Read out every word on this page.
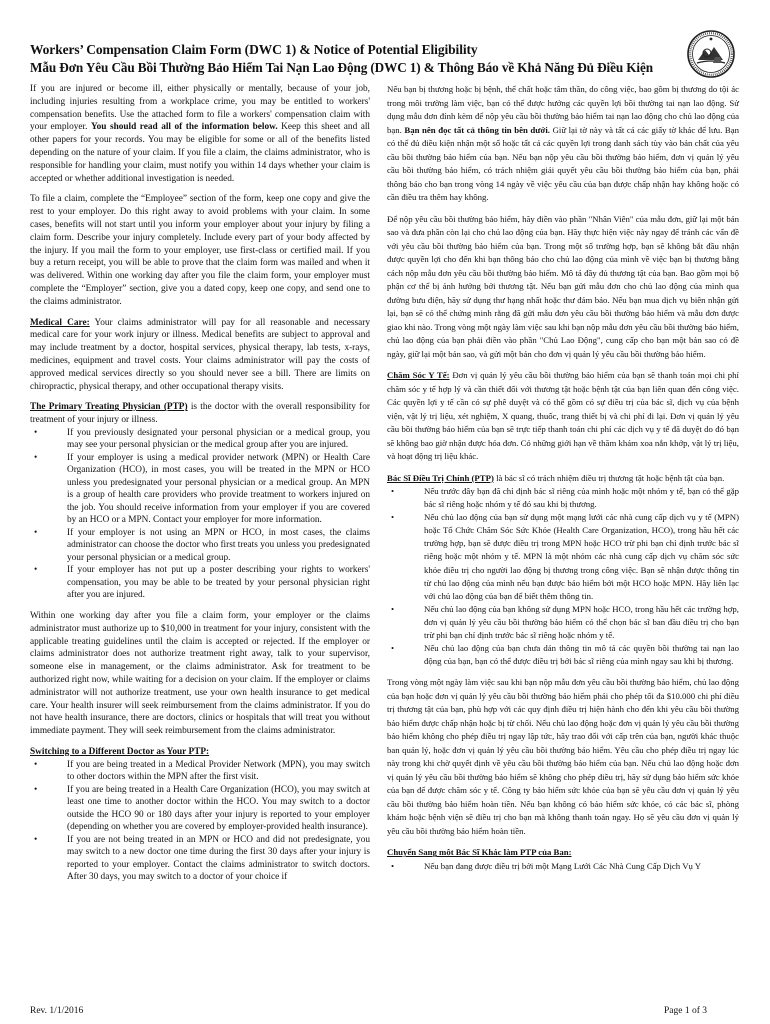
Workers’ Compensation Claim Form (DWC 1) & Notice of Potential Eligibility
Mẫu Đơn Yêu Cầu Bồi Thường Bảo Hiểm Tai Nạn Lao Động (DWC 1) & Thông Báo về Khả Năng Đủ Điều Kiện

If you are injured or become ill, either physically or mentally, because of your job, including injuries resulting from a workplace crime, you may be entitled to workers' compensation benefits. Use the attached form to file a workers' compensation claim with your employer. You should read all of the information below. Keep this sheet and all other papers for your records. You may be eligible for some or all of the benefits listed depending on the nature of your claim. If you file a claim, the claims administrator, who is responsible for handling your claim, must notify you within 14 days whether your claim is accepted or whether additional investigation is needed.

To file a claim, complete the “Employee” section of the form, keep one copy and give the rest to your employer. Do this right away to avoid problems with your claim. In some cases, benefits will not start until you inform your employer about your injury by filing a claim form. Describe your injury completely. Include every part of your body affected by the injury. If you mail the form to your employer, use first-class or certified mail. If you buy a return receipt, you will be able to prove that the claim form was mailed and when it was delivered. Within one working day after you file the claim form, your employer must complete the “Employer” section, give you a dated copy, keep one copy, and send one to the claims administrator.

Medical Care: Your claims administrator will pay for all reasonable and necessary medical care for your work injury or illness. Medical benefits are subject to approval and may include treatment by a doctor, hospital services, physical therapy, lab tests, x-rays, medicines, equipment and travel costs. Your claims administrator will pay the costs of approved medical services directly so you should never see a bill. There are limits on chiropractic, physical therapy, and other occupational therapy visits.

The Primary Treating Physician (PTP) is the doctor with the overall responsibility for treatment of your injury or illness.

• If you previously designated your personal physician or a medical group, you may see your personal physician or the medical group after you are injured.
• If your employer is using a medical provider network (MPN) or Health Care Organization (HCO), in most cases, you will be treated in the MPN or HCO unless you predesignated your personal physician or a medical group. An MPN is a group of health care providers who provide treatment to workers injured on the job. You should receive information from your employer if you are covered by an HCO or a MPN. Contact your employer for more information.
• If your employer is not using an MPN or HCO, in most cases, the claims administrator can choose the doctor who first treats you unless you predesignated your personal physician or a medical group.
• If your employer has not put up a poster describing your rights to workers' compensation, you may be able to be treated by your personal physician right after you are injured.

Within one working day after you file a claim form, your employer or the claims administrator must authorize up to $10,000 in treatment for your injury, consistent with the applicable treating guidelines until the claim is accepted or rejected. If the employer or claims administrator does not authorize treatment right away, talk to your supervisor, someone else in management, or the claims administrator. Ask for treatment to be authorized right now, while waiting for a decision on your claim. If the employer or claims administrator will not authorize treatment, use your own health insurance to get medical care. Your health insurer will seek reimbursement from the claims administrator. If you do not have health insurance, there are doctors, clinics or hospitals that will treat you without immediate payment. They will seek reimbursement from the claims administrator.

Switching to a Different Doctor as Your PTP:

• If you are being treated in a Medical Provider Network (MPN), you may switch to other doctors within the MPN after the first visit.
• If you are being treated in a Health Care Organization (HCO), you may switch at least one time to another doctor within the HCO. You may switch to a doctor outside the HCO 90 or 180 days after your injury is reported to your employer (depending on whether you are covered by employer-provided health insurance).
• If you are not being treated in an MPN or HCO and did not predesignate, you may switch to a new doctor one time during the first 30 days after your injury is reported to your employer. Contact the claims administrator to switch doctors. After 30 days, you may switch to a doctor of your choice if

Nếu bạn bị thương hoặc bị bệnh, thể chất hoặc tâm thần, do công việc, bao gồm bị thương do tội ác trong môi trường làm việc, bạn có thể được hưởng các quyền lợi bồi thường tai nạn lao động. Sử dụng mẫu đơn đính kèm để nộp yêu cầu bồi thường bảo hiểm tai nạn lao động cho chủ lao động của bạn. Bạn nên đọc tất cả thông tin bên dưới. Giữ lại tờ này và tất cả các giấy tờ khác để lưu. Bạn có thể đủ điều kiện nhận một số hoặc tất cả các quyền lợi trong danh sách tùy vào bản chất của yêu cầu bồi thường bảo hiểm của bạn. Nếu bạn nộp yêu cầu bồi thường bảo hiểm, đơn vị quản lý yêu cầu bồi thường bảo hiểm, có trách nhiệm giải quyết yêu cầu bồi thường bảo hiểm của bạn, phải thông báo cho bạn trong vòng 14 ngày về việc yêu cầu của bạn được chấp nhận hay không hoặc có cần điều tra thêm hay không.

Để nộp yêu cầu bồi thường bảo hiểm, hãy điền vào phần "Nhân Viên" của mẫu đơn, giữ lại một bản sao và đưa phần còn lại cho chủ lao động của bạn. Hãy thực hiện việc này ngay để tránh các vấn đề với yêu cầu bồi thường bảo hiểm của bạn. Trong một số trường hợp, bạn sẽ không bắt đầu nhận được quyền lợi cho đến khi bạn thông báo cho chủ lao động của mình về việc bạn bị thương bằng cách nộp mẫu đơn yêu cầu bồi thường bảo hiểm. Mô tả đầy đủ thương tật của bạn. Bao gồm mọi bộ phận cơ thể bị ảnh hưởng bởi thương tật. Nếu bạn gửi mẫu đơn cho chủ lao động của mình qua đường bưu điện, hãy sử dụng thư hạng nhất hoặc thư đảm bảo. Nếu bạn mua dịch vụ biên nhận gửi lại, bạn sẽ có thể chứng minh rằng đã gửi mẫu đơn yêu cầu bồi thường bảo hiểm và mẫu đơn được giao khi nào. Trong vòng một ngày làm việc sau khi bạn nộp mẫu đơn yêu cầu bồi thường bảo hiểm, chủ lao động của bạn phải điền vào phần "Chủ Lao Động", cung cấp cho bạn một bản sao có đề ngày, giữ lại một bản sao, và gửi một bản cho đơn vị quản lý yêu cầu bồi thường bảo hiểm.

Chăm Sóc Y Tế: Đơn vị quản lý yêu cầu bồi thường bảo hiểm của bạn sẽ thanh toán mọi chi phí chăm sóc y tế hợp lý và cần thiết đối với thương tật hoặc bệnh tật của bạn liên quan đến công việc. Các quyền lợi y tế cần có sự phê duyệt và có thể gồm có sự điều trị của bác sĩ, dịch vụ của bệnh viện, vật lý trị liệu, xét nghiệm, X quang, thuốc, trang thiết bị và chi phí đi lại. Đơn vị quản lý yêu cầu bồi thường bảo hiểm của bạn sẽ trực tiếp thanh toán chi phí các dịch vụ y tế đã duyệt do đó bạn sẽ không bao giờ nhận được hóa đơn. Có những giới hạn về thăm khám xoa nắn khớp, vật lý trị liệu, và hoạt động trị liệu khác.

Bác Sĩ Điều Trị Chính (PTP) là bác sĩ có trách nhiệm điều trị thương tật hoặc bệnh tật của bạn.

• Nếu trước đây bạn đã chỉ định bác sĩ riêng của mình hoặc một nhóm y tế, bạn có thể gặp bác sĩ riêng hoặc nhóm y tế đó sau khi bị thương.
• Nếu chủ lao động của bạn sử dụng một mạng lưới các nhà cung cấp dịch vụ y tế (MPN) hoặc Tổ Chức Chăm Sóc Sức Khỏe (Health Care Organization, HCO), trong hầu hết các trường hợp, bạn sẽ được điều trị trong MPN hoặc HCO trừ phi bạn chỉ định trước bác sĩ riêng hoặc một nhóm y tế. MPN là một nhóm các nhà cung cấp dịch vụ chăm sóc sức khỏe điều trị cho người lao động bị thương trong công việc. Bạn sẽ nhận được thông tin từ chủ lao động của mình nếu bạn được bảo hiểm bởi một HCO hoặc MPN. Hãy liên lạc với chủ lao động của bạn để biết thêm thông tin.
• Nếu chủ lao động của bạn không sử dụng MPN hoặc HCO, trong hầu hết các trường hợp, đơn vị quản lý yêu cầu bồi thường bảo hiểm có thể chọn bác sĩ ban đầu điều trị cho bạn trừ phi bạn chỉ định trước bác sĩ riêng hoặc nhóm y tế.
• Nếu chủ lao động của bạn chưa dán thông tin mô tả các quyền bồi thường tai nạn lao động của bạn, bạn có thể được điều trị bởi bác sĩ riêng của mình ngay sau khi bị thương.

Trong vòng một ngày làm việc sau khi bạn nộp mẫu đơn yêu cầu bồi thường bảo hiểm, chủ lao động của bạn hoặc đơn vị quản lý yêu cầu bồi thường bảo hiểm phải cho phép tối đa $10.000 chi phí điều trị thương tật của bạn, phù hợp với các quy định điều trị hiện hành cho đến khi yêu cầu bồi thường bảo hiểm được chấp nhận hoặc bị từ chối. Nếu chủ lao động hoặc đơn vị quản lý yêu cầu bồi thường bảo hiểm không cho phép điều trị ngay lập tức, hãy trao đổi với cấp trên của bạn, người khác thuộc ban quản lý, hoặc đơn vị quản lý yêu cầu bồi thường bảo hiểm. Yêu cầu cho phép điều trị ngay lúc này trong khi chờ quyết định về yêu cầu bồi thường bảo hiểm của bạn. Nếu chủ lao động hoặc đơn vị quản lý yêu cầu bồi thường bảo hiểm sẽ không cho phép điều trị, hãy sử dụng bảo hiểm sức khỏe của bạn để được chăm sóc y tế. Công ty bảo hiểm sức khỏe của bạn sẽ yêu cầu đơn vị quản lý yêu cầu bồi thường bảo hiểm hoàn tiền. Nếu bạn không có bảo hiểm sức khỏe, có các bác sĩ, phòng khám hoặc bệnh viện sẽ điều trị cho bạn mà không thanh toán ngay. Họ sẽ yêu cầu đơn vị quản lý yêu cầu bồi thường bảo hiểm hoàn tiền.

Chuyển Sang một Bác Sĩ Khác làm PTP của Bạn:

• Nếu bạn đang được điều trị bởi một Mạng Lưới Các Nhà Cung Cấp Dịch Vụ Y
Rev. 1/1/2016	Page 1 of 3
